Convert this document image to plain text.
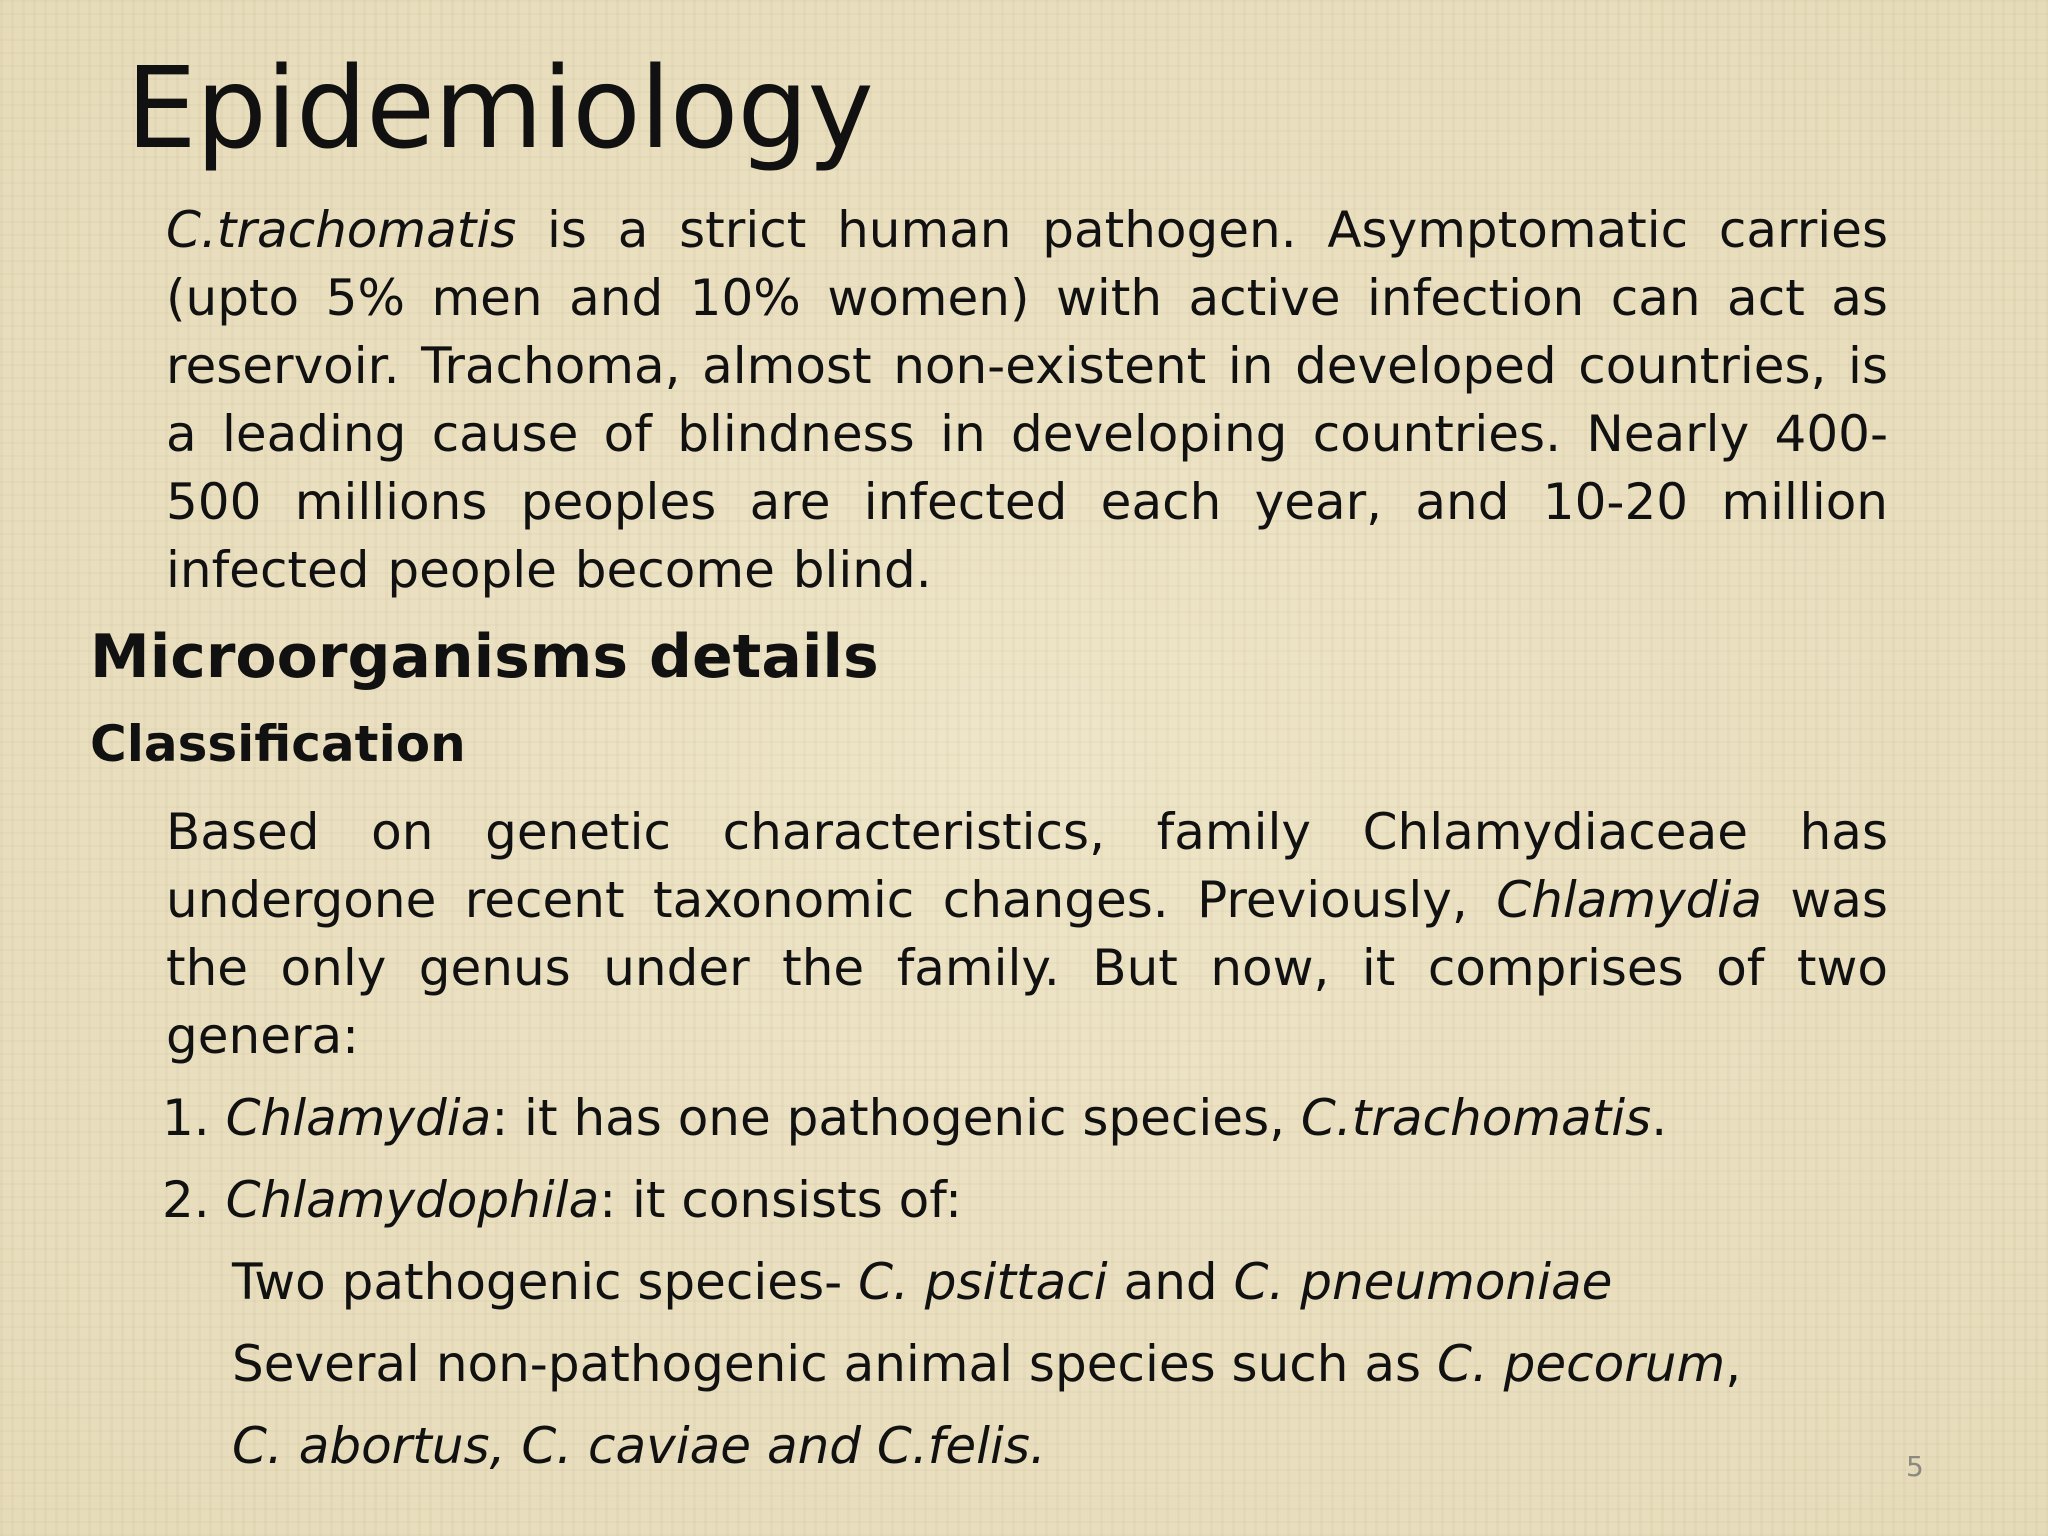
Epidemiology

C.trachomatis is a strict human pathogen. Asymptomatic carries (upto 5% men and 10% women) with active infection can act as reservoir. Trachoma, almost non-existent in developed countries, is a leading cause of blindness in developing countries. Nearly 400-500 millions peoples are infected each year, and 10-20 million infected people become blind.

Microorganisms details
Classification

Based on genetic characteristics, family Chlamydiaceae has undergone recent taxonomic changes. Previously, Chlamydia was the only genus under the family. But now, it comprises of two genera:

1. Chlamydia: it has one pathogenic species, C.trachomatis.

2. Chlamydophila: it consists of:

Two pathogenic species- C. psittaci and C. pneumoniae

Several non-pathogenic animal species such as C. pecorum,

C. abortus, C. caviae and C.felis.	5
